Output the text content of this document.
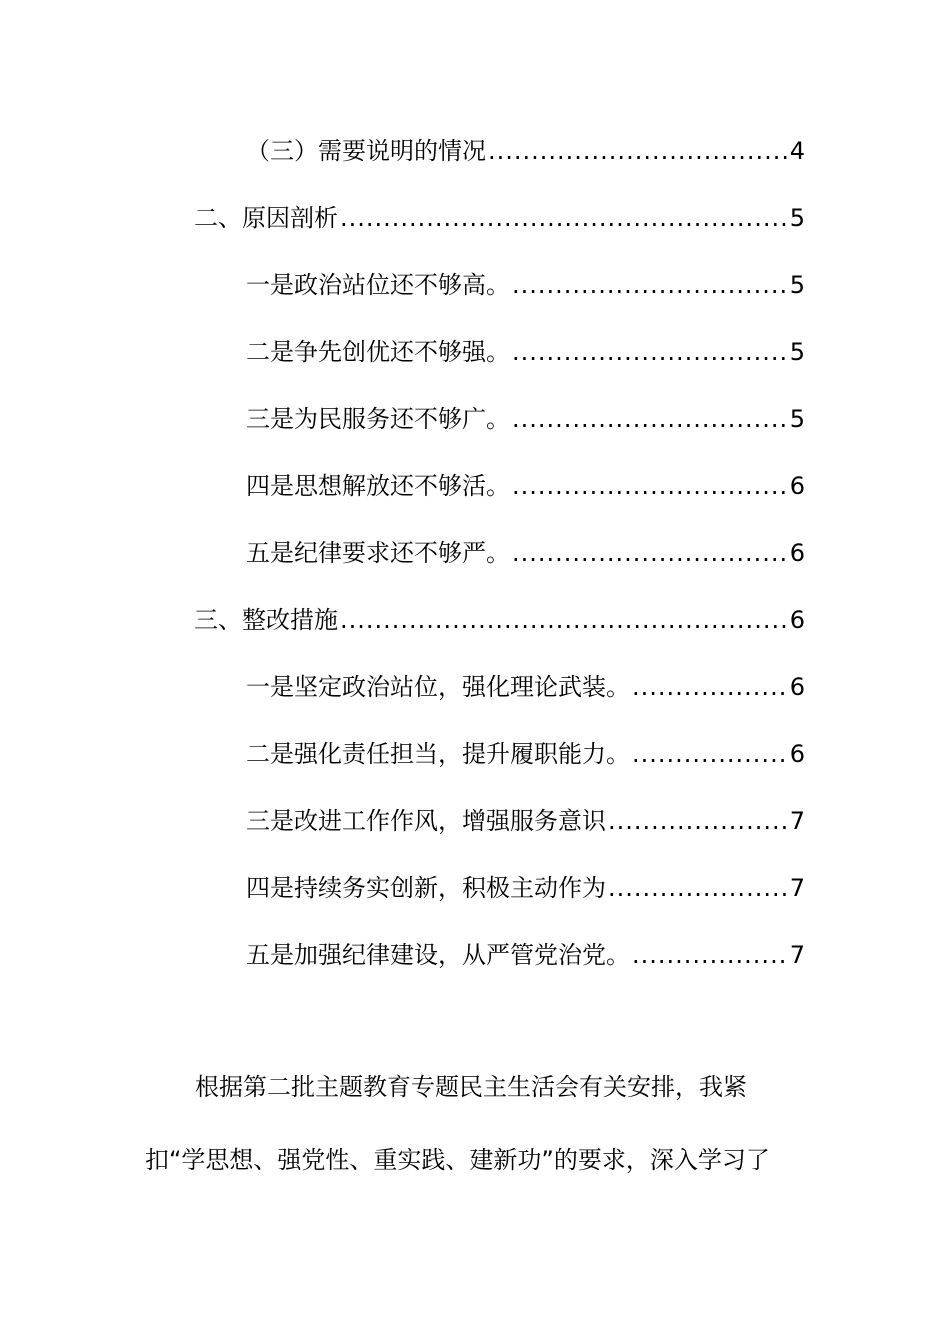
（三）需要说明的情况 .....	4
二、原因剖析 .....	5
一是政治站位还不够高。 .....	5
二是争先创优还不够强。 .....	5
三是为民服务还不够广。 .....	5
四是思想解放还不够活。 .....	6
五是纪律要求还不够严。 .....	6
三、整改措施 .....	6
一是坚定政治站位，强化理论武装。 .....	6
二是强化责任担当，提升履职能力。 .....	6
三是改进工作作风，增强服务意识 .....	7
四是持续务实创新，积极主动作为 .....	7
五是加强纪律建设，从严管党治党。 .....	7
根据第二批主题教育专题民主生活会有关安排，我紧
扣“学思想、强党性、重实践、建新功”的要求，深入学习了
